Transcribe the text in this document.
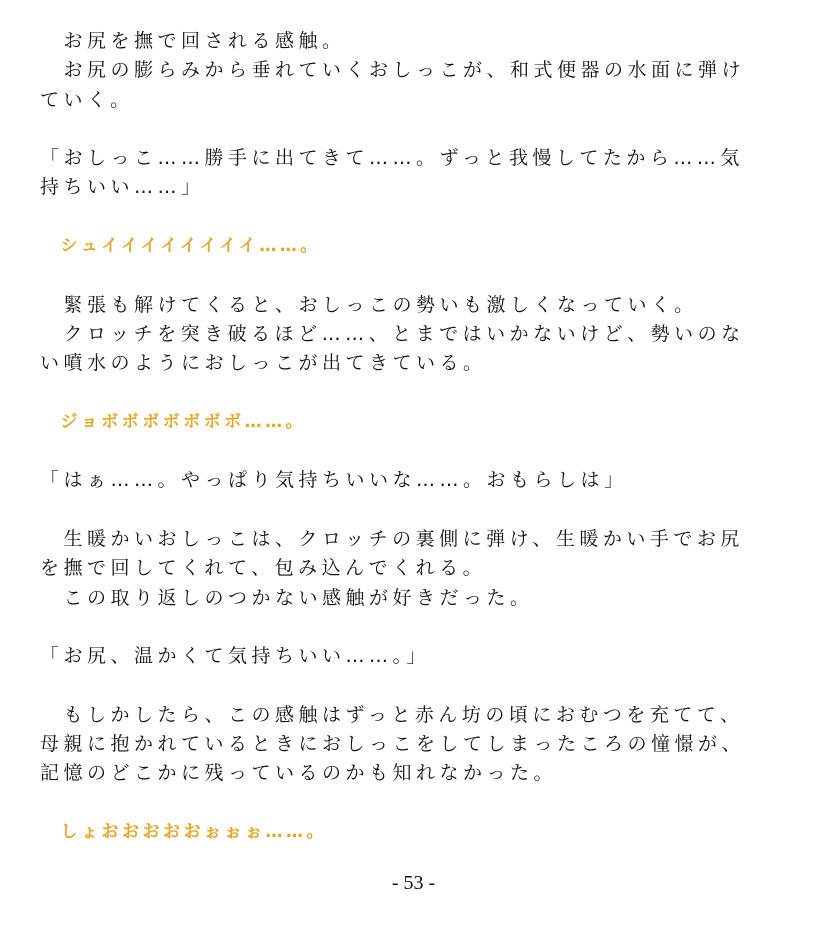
　お尻を撫で回される感触。
　お尻の膨らみから垂れていくおしっこが、和式便器の水面に弾け
ていく。
「おしっこ……勝手に出てきて……。ずっと我慢してたから……気
持ちいい……」
　シュイイイイイイイイ……。
　緊張も解けてくると、おしっこの勢いも激しくなっていく。
　クロッチを突き破るほど……、とまではいかないけど、勢いのな
い噴水のようにおしっこが出てきている。
　ジョボボボボボボボ……。
「はぁ……。やっぱり気持ちいいな……。おもらしは」
　生暖かいおしっこは、クロッチの裏側に弾け、生暖かい手でお尻
を撫で回してくれて、包み込んでくれる。
　この取り返しのつかない感触が好きだった。
「お尻、温かくて気持ちいい……。」
　もしかしたら、この感触はずっと赤ん坊の頃におむつを充てて、
母親に抱かれているときにおしっこをしてしまったころの憧憬が、
記憶のどこかに残っているのかも知れなかった。
　しょおおおおおぉぉぉ……。
- 53 -
